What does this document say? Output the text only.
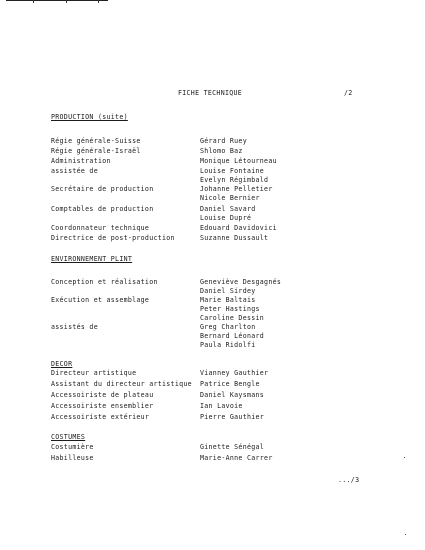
FICHE TECHNIQUE	/2
PRODUCTION (suite)
Régie générale-Suisse	Gérard Ruey
Régie générale-Israël	Shlomo Baz
Administration	Monique Létourneau
assistée de	Louise Fontaine
Evelyn Régimbald
Secrétaire de production	Johanne Pelletier
Nicole Bernier
Comptables de production	Daniel Savard
Louise Dupré
Coordonnateur technique	Edouard Davidovici
Directrice de post-production	Suzanne Dussault
ENVIRONNEMENT PLINT
Conception et réalisation	Geneviève Desgagnés
Daniel Sirdey
Exécution et assemblage	Marie Baltais
Peter Hastings
Caroline Dessin
assistés de	Greg Charlton
Bernard Léonard
Paula Ridolfi
DECOR
Directeur artistique	Vianney Gauthier
Assistant du directeur artistique Patrice Bengle
Accessoiriste de plateau	Daniel Kaysmans
Accessoiriste ensemblier	Ian Lavoie
Accessoiriste extérieur	Pierre Gauthier
COSTUMES
Costumière	Ginette Sénégal
Habilleuse	Marie-Anne Carrer
.../3
